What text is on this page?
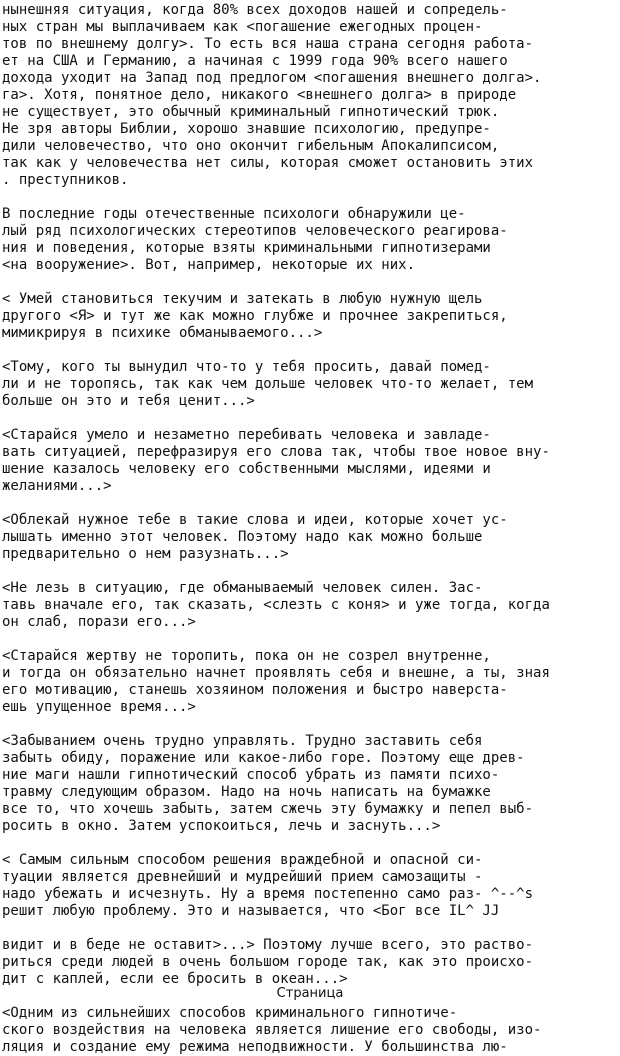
нынешняя ситуация, когда 80% всех доходов нашей и сопредель-
ных стран мы выплачиваем как <погашение ежегодных процен-
тов по внешнему долгу>. То есть вся наша страна сегодня работа-
ет на США и Германию, а начиная с 1999 года 90% всего нашего
дохода уходит на Запад под предлогом <погашения внешнего долга>.
га>. Хотя, понятное дело, никакого <внешнего долга> в природе
не существует, это обычный криминальный гипнотический трюк.
Не зря авторы Библии, хорошо знавшие психологию, предупре-
дили человечество, что оно окончит гибельным Апокалипсисом,
так как у человечества нет силы, которая сможет остановить этих
. преступников.
В последние годы отечественные психологи обнаружили це-
лый ряд психологических стереотипов человеческого реагирова-
ния и поведения, которые взяты криминальными гипнотизерами
<на вооружение>. Вот, например, некоторые их них.
< Умей становиться текучим и затекать в любую нужную щель
другого <Я> и тут же как можно глубже и прочнее закрепиться,
мимикрируя в психике обманываемого...>
<Тому, кого ты вынудил что-то у тебя просить, давай помед-
ли и не торопясь, так как чем дольше человек что-то желает, тем
больше он это и тебя ценит...>
<Старайся умело и незаметно перебивать человека и завладе-
вать ситуацией, перефразируя его слова так, чтобы твое новое вну-
шение казалось человеку его собственными мыслями, идеями и
желаниями...>
<Облекай нужное тебе в такие слова и идеи, которые хочет ус-
лышать именно этот человек. Поэтому надо как можно больше
предварительно о нем разузнать...>
<Не лезь в ситуацию, где обманываемый человек силен. Зас-
тавь вначале его, так сказать, <слезть с коня> и уже тогда, когда
он слаб, порази его...>
<Старайся жертву не торопить, пока он не созрел внутренне,
и тогда он обязательно начнет проявлять себя и внешне, а ты, зная
его мотивацию, станешь хозяином положения и быстро наверста-
ешь упущенное время...>
<Забыванием очень трудно управлять. Трудно заставить себя
забыть обиду, поражение или какое-либо горе. Поэтому еще древ-
ние маги нашли гипнотический способ убрать из памяти психо-
травму следующим образом. Надо на ночь написать на бумажке
все то, что хочешь забыть, затем сжечь эту бумажку и пепел выб-
росить в окно. Затем успокоиться, лечь и заснуть...>
< Самым сильным способом решения враждебной и опасной си-
туации является древнейший и мудрейший прием самозащиты -
надо убежать и исчезнуть. Ну а время постепенно само раз- ^--^s
решит любую проблему. Это и называется, что <Бог все IL^ JJ
видит и в беде не оставит>...> Поэтому лучше всего, это раство-
риться среди людей в очень большом городе так, как это происхо-
дит с каплей, если ее бросить в океан...>
<Одним из сильнейших способов криминального гипнотиче-
ского воздействия на человека является лишение его свободы, изо-
ляция и создание ему режима неподвижности. У большинства лю-
Страница
